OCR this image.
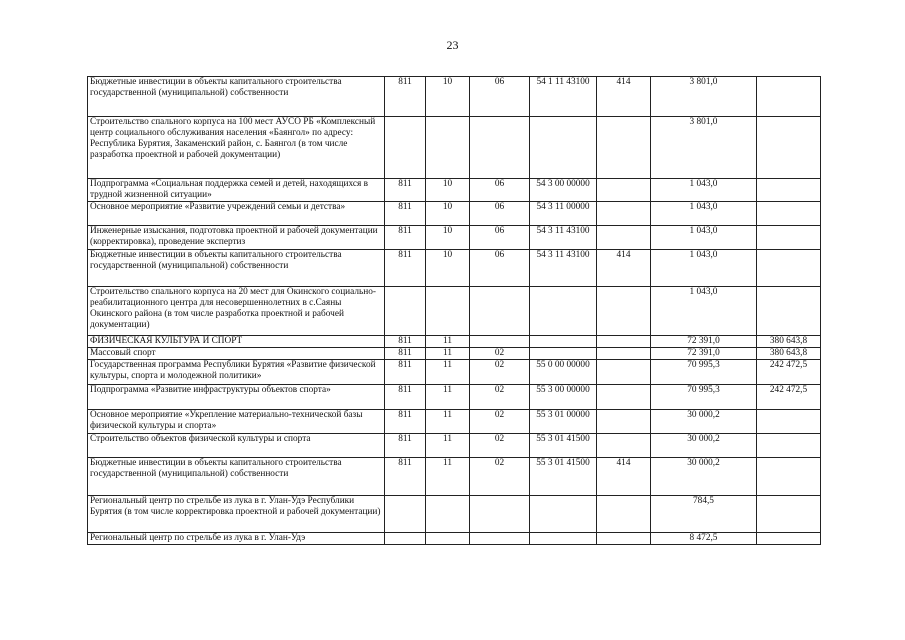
23
Бюджетные инвестиции в объекты капитального строительства государственной (муниципальной) собственности	811	10	06	54 1 11 43100	414	3 801,0	
Строительство спального корпуса на 100 мест АУСО РБ «Комплексный центр социального обслуживания населения «Баянгол» по адресу: Республика Бурятия, Закаменский район, с. Баянгол (в том числе разработка проектной и рабочей документации)						3 801,0	
Подпрограмма «Социальная поддержка семей и детей, находящихся в трудной жизненной ситуации»	811	10	06	54 3 00 00000		1 043,0	
Основное мероприятие «Развитие учреждений семьи и детства»	811	10	06	54 3 11 00000		1 043,0	
Инженерные изыскания, подготовка проектной и рабочей документации (корректировка), проведение экспертиз	811	10	06	54 3 11 43100		1 043,0	
Бюджетные инвестиции в объекты капитального строительства государственной (муниципальной) собственности	811	10	06	54 3 11 43100	414	1 043,0	
Строительство спального корпуса на 20 мест для Окинского социально-реабилитационного центра для несовершеннолетних в с.Саяны Окинского района (в том числе разработка проектной и рабочей документации)						1 043,0	
ФИЗИЧЕСКАЯ КУЛЬТУРА И СПОРТ	811	11				72 391,0	380 643,8
Массовый спорт	811	11	02			72 391,0	380 643,8
Государственная программа Республики Бурятия «Развитие физической культуры, спорта и молодежной политики»	811	11	02	55 0 00 00000		70 995,3	242 472,5
Подпрограмма «Развитие инфраструктуры объектов спорта»	811	11	02	55 3 00 00000		70 995,3	242 472,5
Основное мероприятие «Укрепление материально-технической базы физической культуры и спорта»	811	11	02	55 3 01 00000		30 000,2	
Строительство объектов физической культуры и спорта	811	11	02	55 3 01 41500		30 000,2	
Бюджетные инвестиции в объекты капитального строительства государственной (муниципальной) собственности	811	11	02	55 3 01 41500	414	30 000,2	
Региональный центр по стрельбе из лука в г. Улан-Удэ Республики Бурятия (в том числе корректировка проектной и рабочей документации)						784,5	
Региональный центр по стрельбе из лука в г. Улан-Удэ						8 472,5	
